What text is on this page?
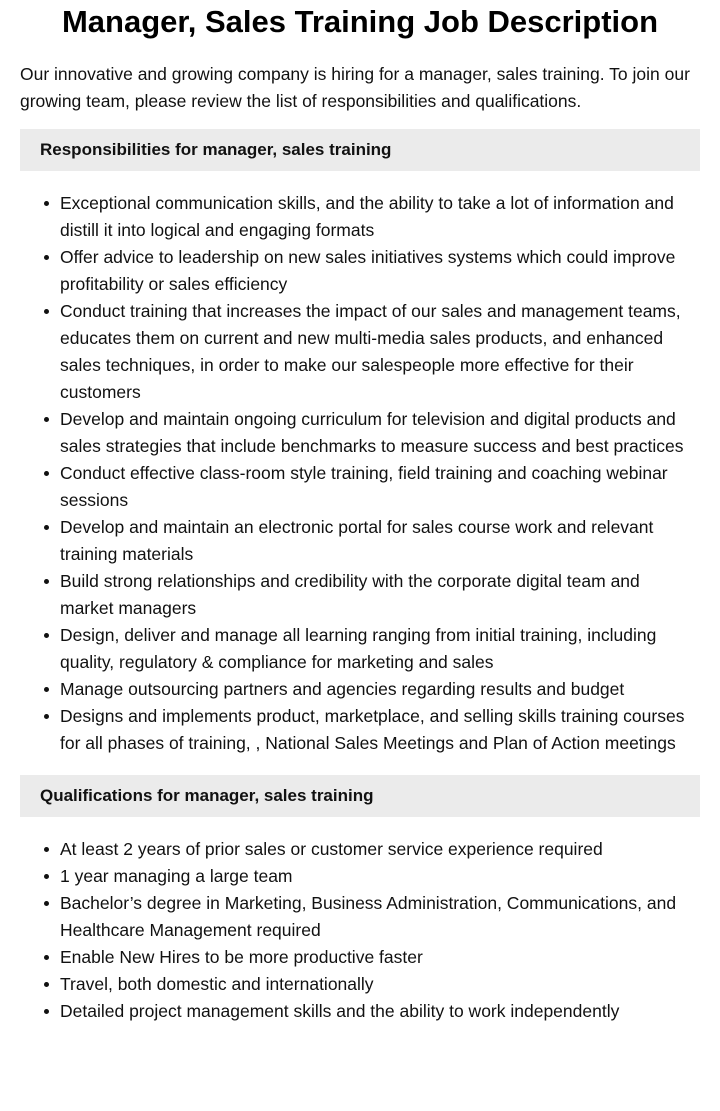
Manager, Sales Training Job Description

Our innovative and growing company is hiring for a manager, sales training. To join our growing team, please review the list of responsibilities and qualifications.

Responsibilities for manager, sales training
Exceptional communication skills, and the ability to take a lot of information and distill it into logical and engaging formats
Offer advice to leadership on new sales initiatives systems which could improve profitability or sales efficiency
Conduct training that increases the impact of our sales and management teams, educates them on current and new multi-media sales products, and enhanced sales techniques, in order to make our salespeople more effective for their customers
Develop and maintain ongoing curriculum for television and digital products and sales strategies that include benchmarks to measure success and best practices
Conduct effective class-room style training, field training and coaching webinar sessions
Develop and maintain an electronic portal for sales course work and relevant training materials
Build strong relationships and credibility with the corporate digital team and market managers
Design, deliver and manage all learning ranging from initial training, including quality, regulatory & compliance for marketing and sales
Manage outsourcing partners and agencies regarding results and budget
Designs and implements product, marketplace, and selling skills training courses for all phases of training, , National Sales Meetings and Plan of Action meetings
Qualifications for manager, sales training
At least 2 years of prior sales or customer service experience required
1 year managing a large team
Bachelor’s degree in Marketing, Business Administration, Communications, and Healthcare Management required
Enable New Hires to be more productive faster
Travel, both domestic and internationally
Detailed project management skills and the ability to work independently
